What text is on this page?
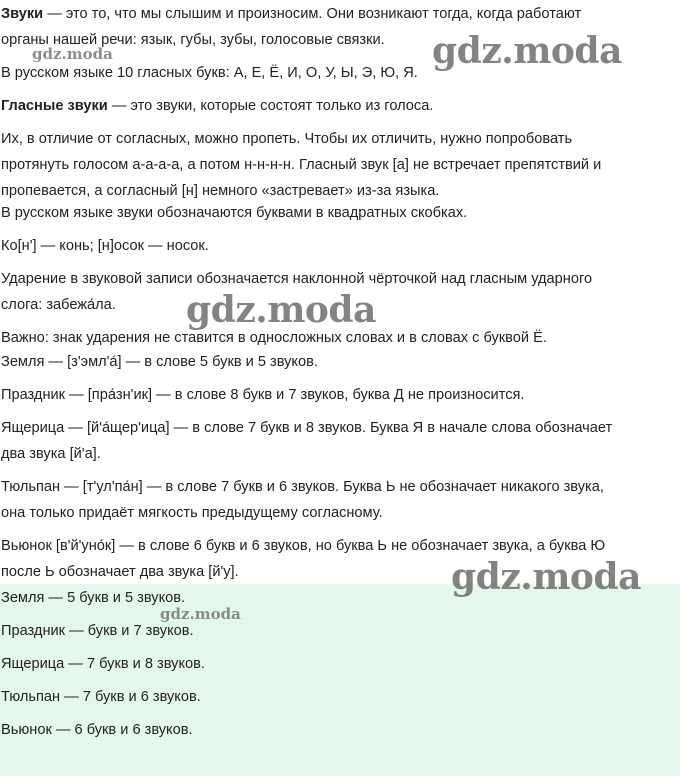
Звуки — это то, что мы слышим и произносим. Они возникают тогда, когда работают

органы нашей речи: язык, губы, зубы, голосовые связки.

В русском языке 10 гласных букв: А, Е, Ё, И, О, У, Ы, Э, Ю, Я.

Гласные звуки — это звуки, которые состоят только из голоса.

Их, в отличие от согласных, можно пропеть. Чтобы их отличить, нужно попробовать

протянуть голосом а-а-а-а, а потом н-н-н-н. Гласный звук [а] не встречает препятствий и

пропевается, а согласный [н] немного «застревает» из-за языка.

В русском языке звуки обозначаются буквами в квадратных скобках.

Ко[н'] — конь; [н]осок — носок.

Ударение в звуковой записи обозначается наклонной чёрточкой над гласным ударного

слога: забежа́ла.

Важно: знак ударения не ставится в односложных словах и в словах с буквой Ё.

Земля — [з'эмл'а́] — в слове 5 букв и 5 звуков.

Праздник — [пра́зн'ик] — в слове 8 букв и 7 звуков, буква Д не произносится.

Ящерица — [й'а́щер'ица] — в слове 7 букв и 8 звуков. Буква Я в начале слова обозначает

два звука [й'а].

Тюльпан — [т'ул'па́н] — в слове 7 букв и 6 звуков. Буква Ь не обозначает никакого звука,

она только придаёт мягкость предыдущему согласному.

Вьюнок [в'й'уно́к] — в слове 6 букв и 6 звуков, но буква Ь не обозначает звука, а буква Ю

после Ь обозначает два звука [й'у].

Земля — 5 букв и 5 звуков.

Праздник — букв и 7 звуков.

Ящерица — 7 букв и 8 звуков.

Тюльпан — 7 букв и 6 звуков.

Вьюнок — 6 букв и 6 звуков.

gdz.moda	gdz.moda
gdz.moda
gdz.moda
gdz.moda
